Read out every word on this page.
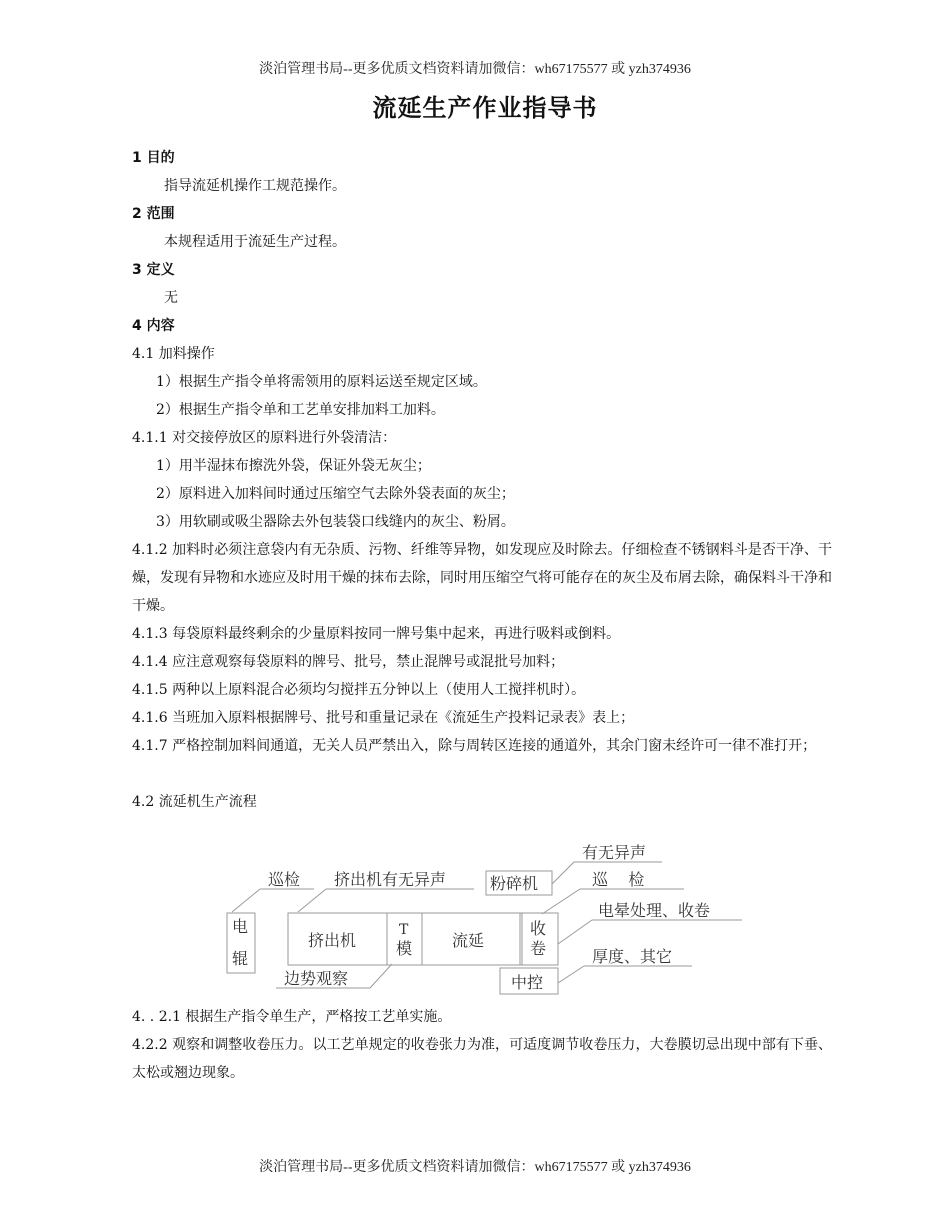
淡泊管理书局--更多优质文档资料请加微信：wh67175577 或 yzh374936
流延生产作业指导书
1 目的
指导流延机操作工规范操作。
2 范围
本规程适用于流延生产过程。
3 定义
无
4 内容
4.1 加料操作
1）根据生产指令单将需领用的原料运送至规定区域。
2）根据生产指令单和工艺单安排加料工加料。
4.1.1 对交接停放区的原料进行外袋清洁：
1）用半湿抹布擦洗外袋，保证外袋无灰尘；
2）原料进入加料间时通过压缩空气去除外袋表面的灰尘；
3）用软刷或吸尘器除去外包装袋口线缝内的灰尘、粉屑。
4.1.2 加料时必须注意袋内有无杂质、污物、纤维等异物，如发现应及时除去。仔细检查不锈钢料斗是否干净、干燥，发现有异物和水迹应及时用干燥的抹布去除，同时用压缩空气将可能存在的灰尘及布屑去除，确保料斗干净和干燥。
4.1.3 每袋原料最终剩余的少量原料按同一牌号集中起来，再进行吸料或倒料。
4.1.4 应注意观察每袋原料的牌号、批号，禁止混牌号或混批号加料；
4.1.5 两种以上原料混合必须均匀搅拌五分钟以上（使用人工搅拌机时）。
4.1.6 当班加入原料根据牌号、批号和重量记录在《流延生产投料记录表》表上；
4.1.7 严格控制加料间通道，无关人员严禁出入，除与周转区连接的通道外，其余门窗未经许可一律不准打开；
4.2 流延机生产流程
电
辊
挤出机
T
模 流延
收
卷
中控
粉碎机
巡检	巡    检
挤出机有无异声
有无异声
电晕处理、收卷
厚度、其它
边势观察
4. . 2.1 根据生产指令单生产，严格按工艺单实施。
4.2.2 观察和调整收卷压力。以工艺单规定的收卷张力为准，可适度调节收卷压力，大卷膜切忌出现中部有下垂、太松或翘边现象。
淡泊管理书局--更多优质文档资料请加微信：wh67175577 或 yzh374936
